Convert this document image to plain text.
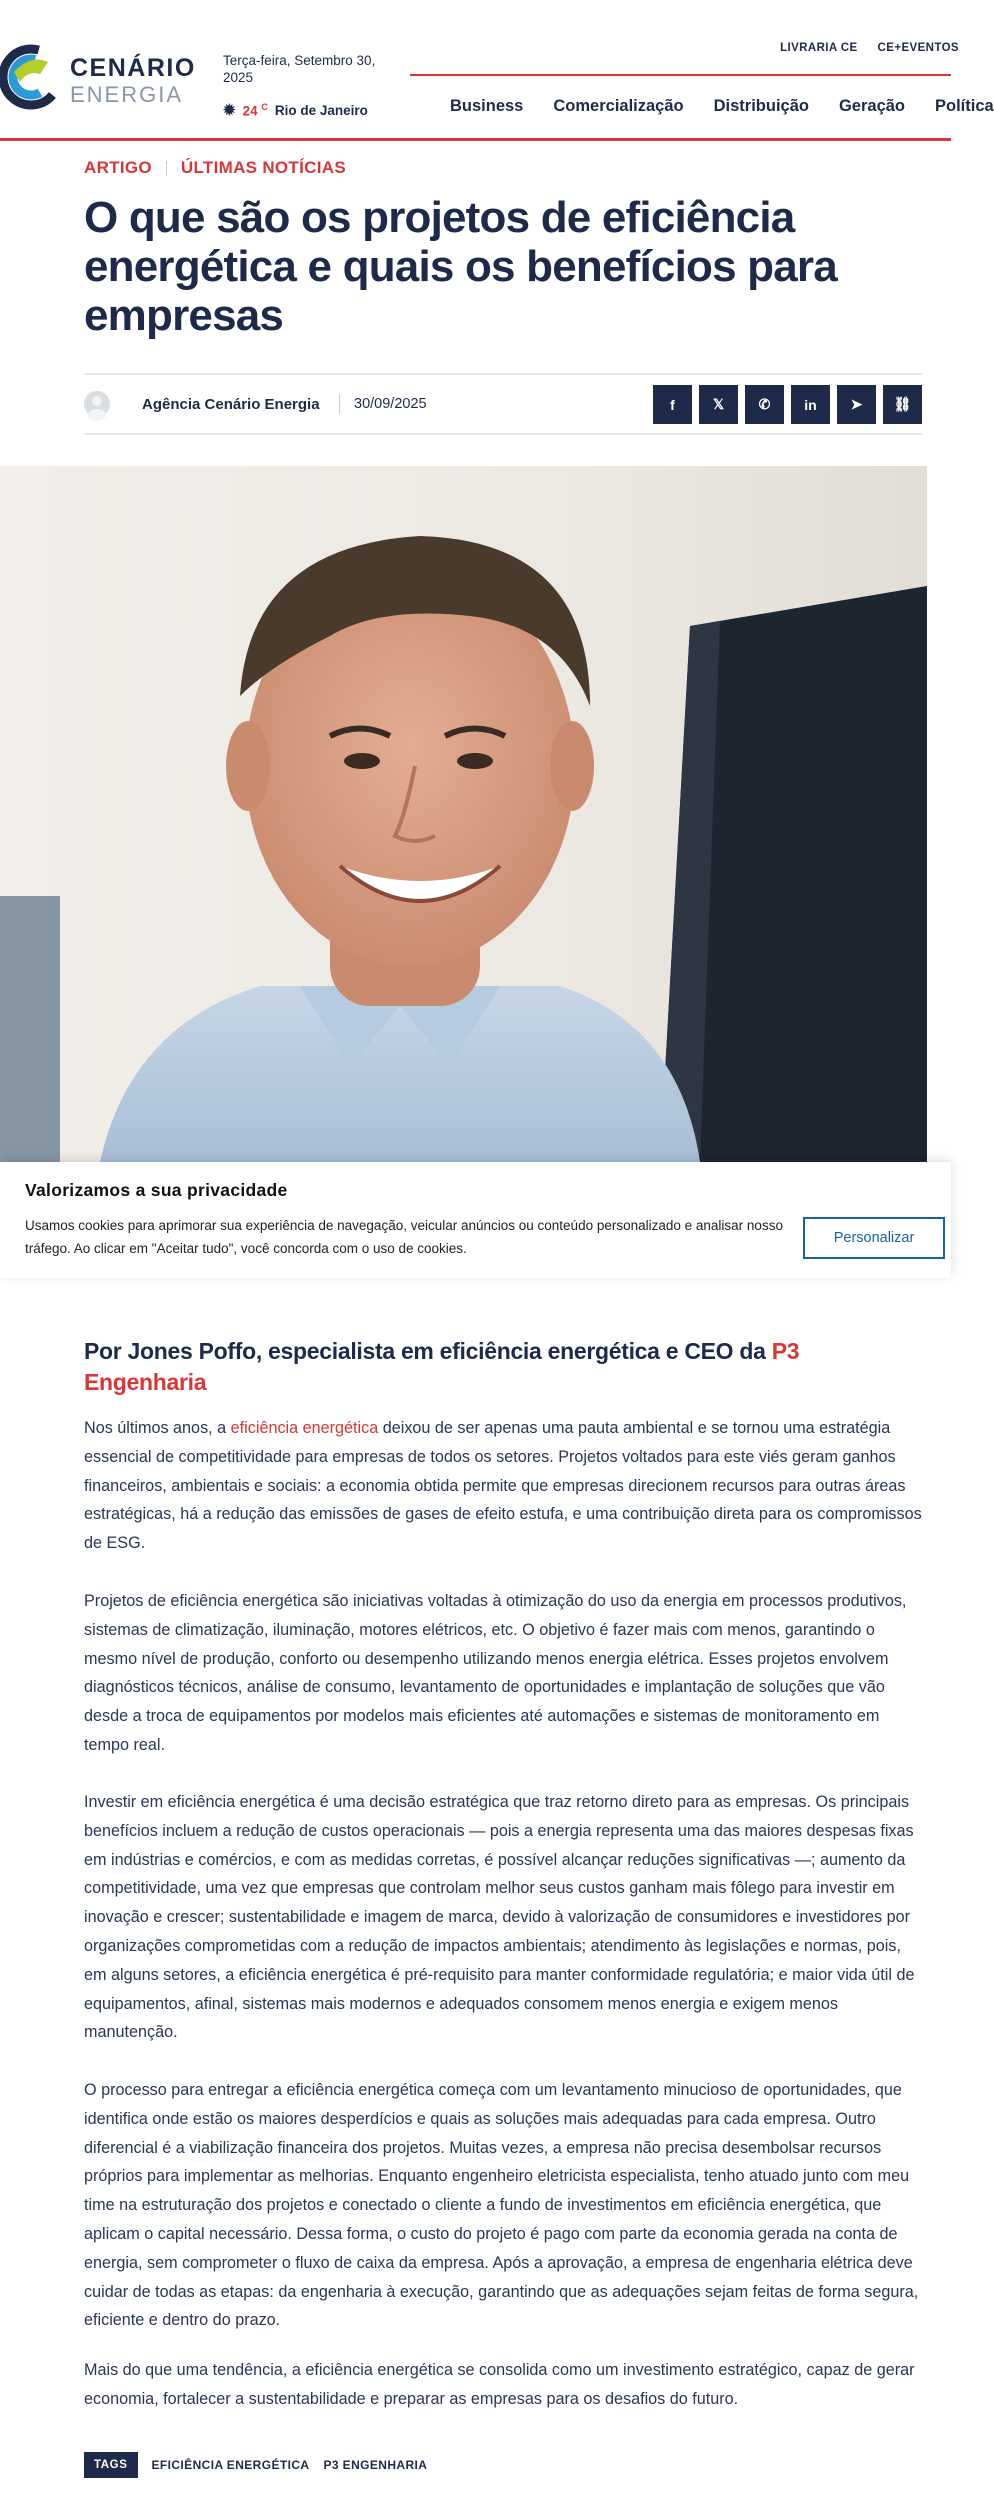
CENÁRIO
ENERGIA
Terça-feira, Setembro 30, 2025
✹ 24 $^C$ Rio de Janeiro
LIVRARIA CE CE+EVENTOS
Business Comercialização Distribuição Geração Política
ARTIGO ÚLTIMAS NOTÍCIAS
O que são os projetos de eficiência energética e quais os benefícios para empresas
Agência Cenário Energia 30/09/2025	f	𝕏 ✆ in ➤ ⛓
Valorizamos a sua privacidade
Usamos cookies para aprimorar sua experiência de navegação, veicular anúncios ou conteúdo personalizado e analisar nosso tráfego. Ao clicar em "Aceitar tudo", você concorda com o uso de cookies.
Personalizar
Por Jones Poffo, especialista em eficiência energética e CEO da P3 Engenharia

Nos últimos anos, a eficiência energética deixou de ser apenas uma pauta ambiental e se tornou uma estratégia essencial de competitividade para empresas de todos os setores. Projetos voltados para este viés geram ganhos financeiros, ambientais e sociais: a economia obtida permite que empresas direcionem recursos para outras áreas estratégicas, há a redução das emissões de gases de efeito estufa, e uma contribuição direta para os compromissos de ESG.

Projetos de eficiência energética são iniciativas voltadas à otimização do uso da energia em processos produtivos, sistemas de climatização, iluminação, motores elétricos, etc. O objetivo é fazer mais com menos, garantindo o mesmo nível de produção, conforto ou desempenho utilizando menos energia elétrica. Esses projetos envolvem diagnósticos técnicos, análise de consumo, levantamento de oportunidades e implantação de soluções que vão desde a troca de equipamentos por modelos mais eficientes até automações e sistemas de monitoramento em tempo real.

Investir em eficiência energética é uma decisão estratégica que traz retorno direto para as empresas. Os principais benefícios incluem a redução de custos operacionais — pois a energia representa uma das maiores despesas fixas em indústrias e comércios, e com as medidas corretas, é possível alcançar reduções significativas —; aumento da competitividade, uma vez que empresas que controlam melhor seus custos ganham mais fôlego para investir em inovação e crescer; sustentabilidade e imagem de marca, devido à valorização de consumidores e investidores por organizações comprometidas com a redução de impactos ambientais; atendimento às legislações e normas, pois, em alguns setores, a eficiência energética é pré-requisito para manter conformidade regulatória; e maior vida útil de equipamentos, afinal, sistemas mais modernos e adequados consomem menos energia e exigem menos manutenção.

O processo para entregar a eficiência energética começa com um levantamento minucioso de oportunidades, que identifica onde estão os maiores desperdícios e quais as soluções mais adequadas para cada empresa. Outro diferencial é a viabilização financeira dos projetos. Muitas vezes, a empresa não precisa desembolsar recursos próprios para implementar as melhorias. Enquanto engenheiro eletricista especialista, tenho atuado junto com meu time na estruturação dos projetos e conectado o cliente a fundo de investimentos em eficiência energética, que aplicam o capital necessário. Dessa forma, o custo do projeto é pago com parte da economia gerada na conta de energia, sem comprometer o fluxo de caixa da empresa. Após a aprovação, a empresa de engenharia elétrica deve cuidar de todas as etapas: da engenharia à execução, garantindo que as adequações sejam feitas de forma segura, eficiente e dentro do prazo.

Mais do que uma tendência, a eficiência energética se consolida como um investimento estratégico, capaz de gerar economia, fortalecer a sustentabilidade e preparar as empresas para os desafios do futuro.

TAGS	EFICIÊNCIA ENERGÉTICA P3 ENGENHARIA
